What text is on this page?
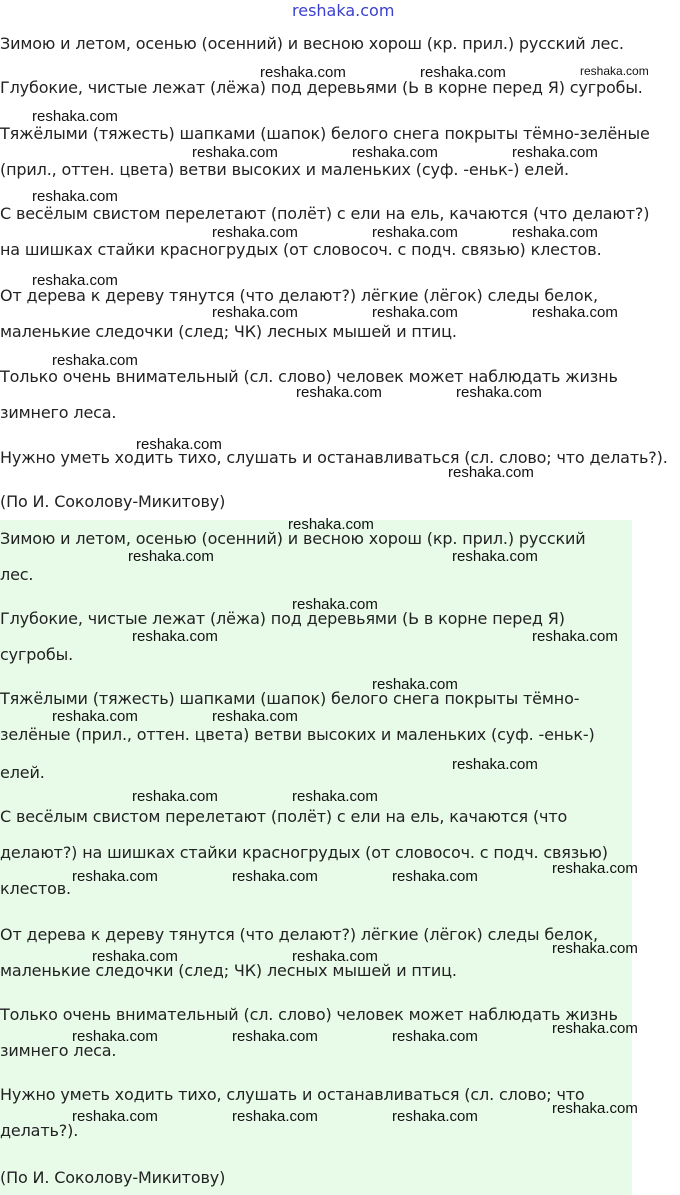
reshaka.com
Зимою и летом, осенью (осенний) и весною хорош (кр. прил.) русский лес.
Глубокие, чистые лежат (лёжа) под деревьями (Ь в корне перед Я) сугробы.
Тяжёлыми (тяжесть) шапками (шапок) белого снега покрыты тёмно-зелёные
(прил., оттен. цвета) ветви высоких и маленьких (суф. -еньк-) елей.
С весёлым свистом перелетают (полёт) с ели на ель, качаются (что делают?)
на шишках стайки красногрудых (от словосоч. с подч. связью) клестов.
От дерева к дереву тянутся (что делают?) лёгкие (лёгок) следы белок,
маленькие следочки (след; ЧК) лесных мышей и птиц.
Только очень внимательный (сл. слово) человек может наблюдать жизнь
зимнего леса.
Нужно уметь ходить тихо, слушать и останавливаться (сл. слово; что делать?).
(По И. Соколову-Микитову)
Зимою и летом, осенью (осенний) и весною хорош (кр. прил.) русский
лес.
Глубокие, чистые лежат (лёжа) под деревьями (Ь в корне перед Я)
сугробы.
Тяжёлыми (тяжесть) шапками (шапок) белого снега покрыты тёмно-
зелёные (прил., оттен. цвета) ветви высоких и маленьких (суф. -еньк-)
елей.
С весёлым свистом перелетают (полёт) с ели на ель, качаются (что
делают?) на шишках стайки красногрудых (от словосоч. с подч. связью)
клестов.
От дерева к дереву тянутся (что делают?) лёгкие (лёгок) следы белок,
маленькие следочки (след; ЧК) лесных мышей и птиц.
Только очень внимательный (сл. слово) человек может наблюдать жизнь
зимнего леса.
Нужно уметь ходить тихо, слушать и останавливаться (сл. слово; что
делать?).
(По И. Соколову-Микитову)
reshaka.com	reshaka.com	reshaka.com
reshaka.com
reshaka.com	reshaka.com	reshaka.com
reshaka.com
reshaka.com	reshaka.com	reshaka.com
reshaka.com
reshaka.com	reshaka.com	reshaka.com
reshaka.com
reshaka.com	reshaka.com
reshaka.com
reshaka.com
reshaka.com
reshaka.com	reshaka.com
reshaka.com
reshaka.com	reshaka.com
reshaka.com
reshaka.com	reshaka.com
reshaka.com
reshaka.com	reshaka.com
reshaka.com
reshaka.com	reshaka.com	reshaka.com
reshaka.com
reshaka.com	reshaka.com
reshaka.com
reshaka.com	reshaka.com	reshaka.com
reshaka.com
reshaka.com	reshaka.com	reshaka.com
